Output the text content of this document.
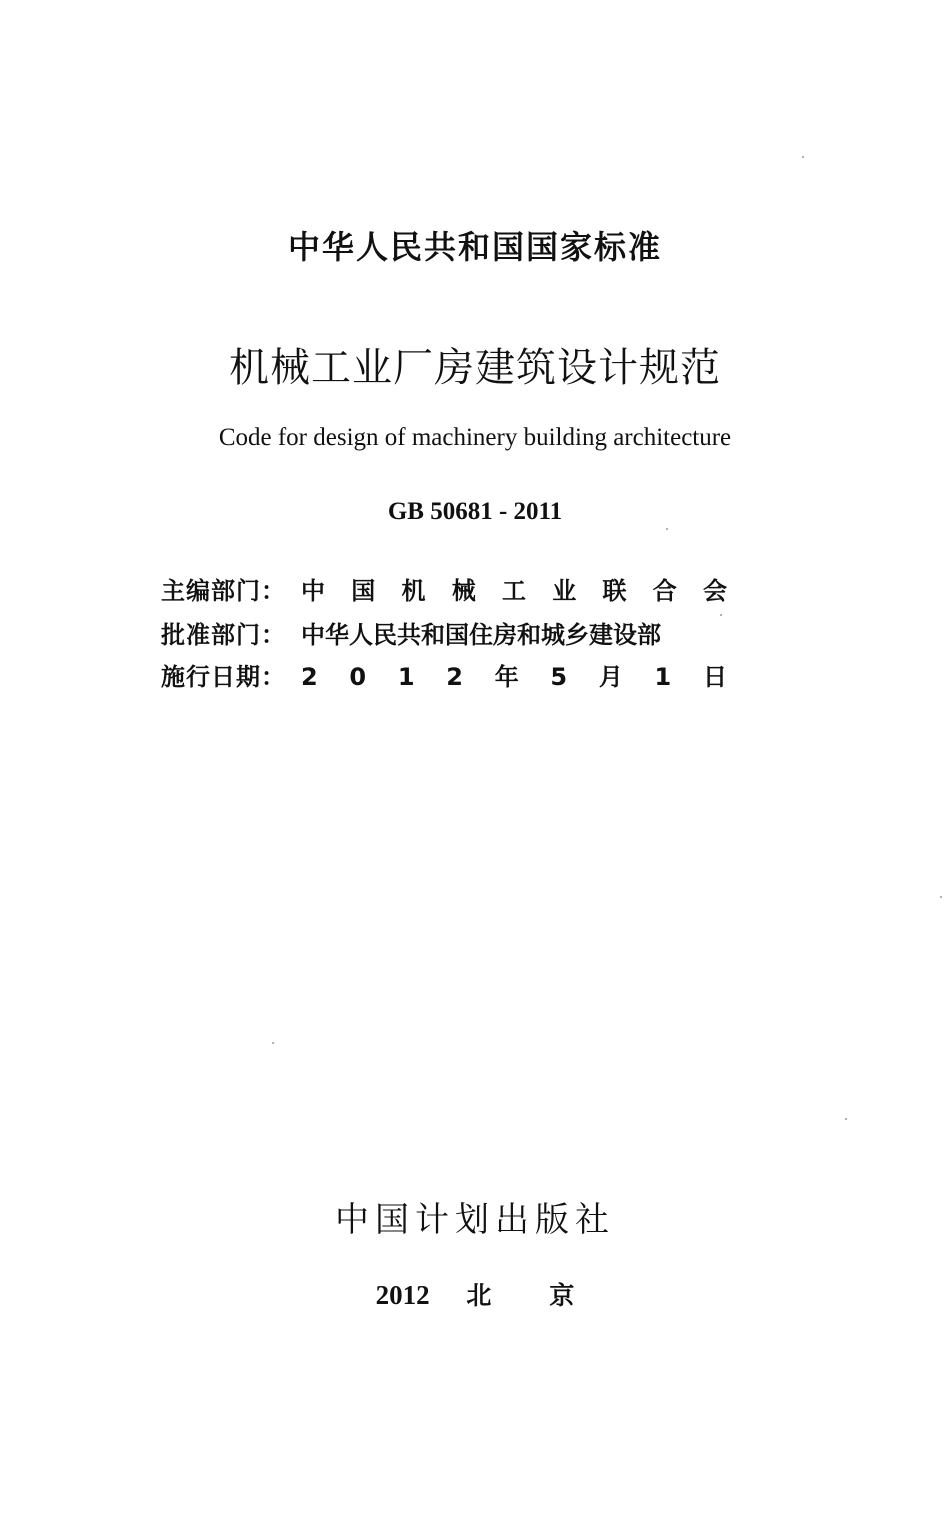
中华人民共和国国家标准
机械工业厂房建筑设计规范
Code for design of machinery building architecture
GB 50681 - 2011
主编部门： 中 国 机 械 工 业 联 合 会
批准部门： 中华人民共和国住房和城乡建设部
施行日期： 2 0 1 2 年 5 月 1 日
中国计划出版社
2012 北京
